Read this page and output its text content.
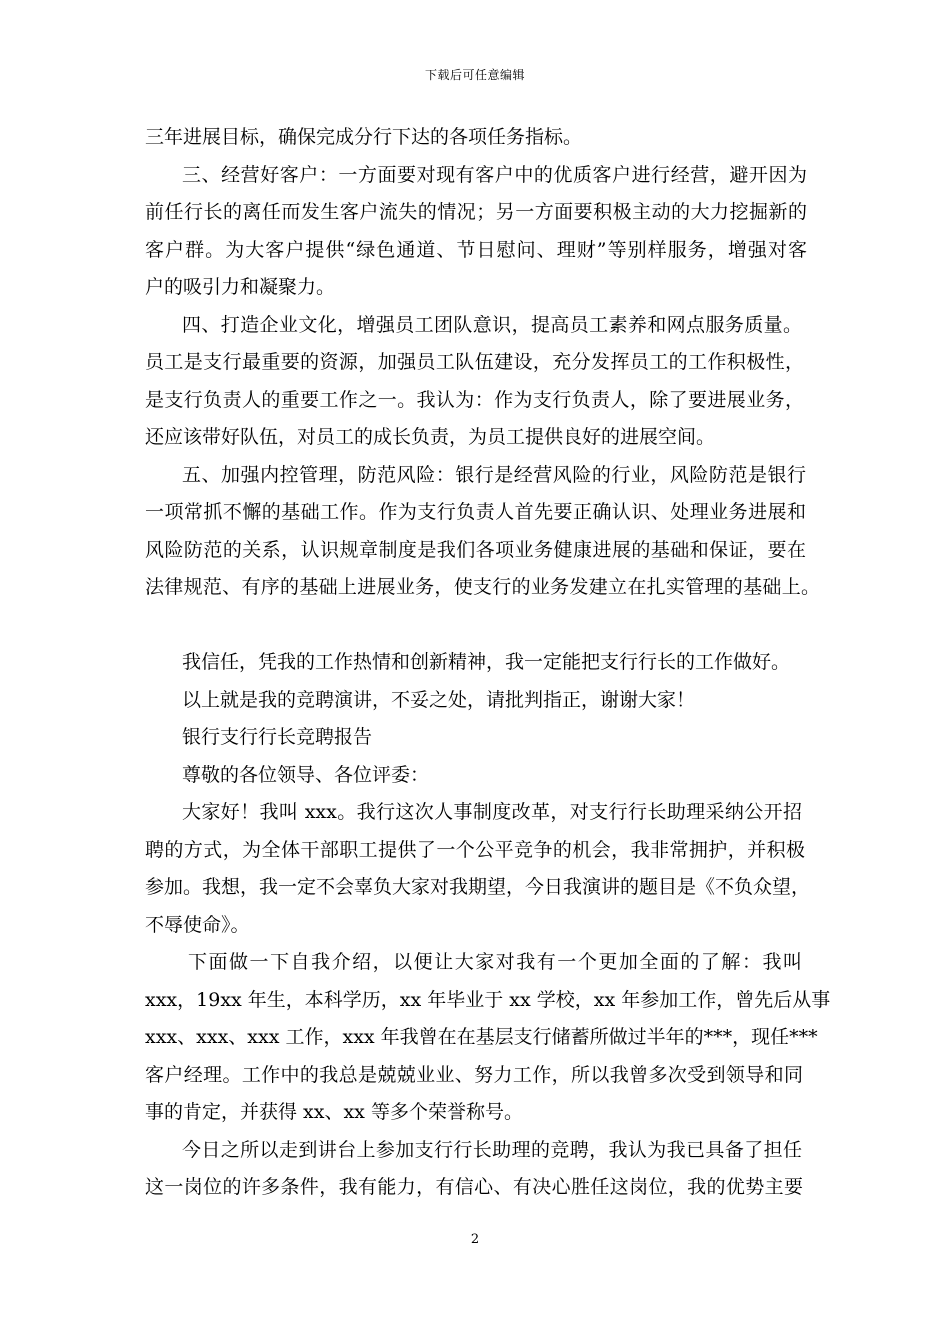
下载后可任意编辑
三年进展目标，确保完成分行下达的各项任务指标。
三、经营好客户：一方面要对现有客户中的优质客户进行经营，避开因为
前任行长的离任而发生客户流失的情况；另一方面要积极主动的大力挖掘新的
客户群。为大客户提供“绿色通道、节日慰问、理财”等别样服务，增强对客
户的吸引力和凝聚力。
四、打造企业文化，增强员工团队意识，提高员工素养和网点服务质量。
员工是支行最重要的资源，加强员工队伍建设，充分发挥员工的工作积极性，
是支行负责人的重要工作之一。我认为：作为支行负责人，除了要进展业务，
还应该带好队伍，对员工的成长负责，为员工提供良好的进展空间。
五、加强内控管理，防范风险：银行是经营风险的行业，风险防范是银行
一项常抓不懈的基础工作。作为支行负责人首先要正确认识、处理业务进展和
风险防范的关系，认识规章制度是我们各项业务健康进展的基础和保证，要在
法律规范、有序的基础上进展业务，使支行的业务发建立在扎实管理的基础上。
我信任，凭我的工作热情和创新精神，我一定能把支行行长的工作做好。
以上就是我的竞聘演讲，不妥之处，请批判指正，谢谢大家！
银行支行行长竞聘报告
尊敬的各位领导、各位评委：
大家好！我叫 xxx。我行这次人事制度改革，对支行行长助理采纳公开招
聘的方式，为全体干部职工提供了一个公平竞争的机会，我非常拥护，并积极
参加。我想，我一定不会辜负大家对我期望，今日我演讲的题目是《不负众望，
不辱使命》。
下面做一下自我介绍，以便让大家对我有一个更加全面的了解：我叫
xxx，19xx 年生，本科学历，xx 年毕业于 xx 学校，xx 年参加工作，曾先后从事
xxx、xxx、xxx 工作，xxx 年我曾在在基层支行储蓄所做过半年的***，现任***
客户经理。工作中的我总是兢兢业业、努力工作，所以我曾多次受到领导和同
事的肯定，并获得 xx、xx 等多个荣誉称号。
今日之所以走到讲台上参加支行行长助理的竞聘，我认为我已具备了担任
这一岗位的许多条件，我有能力，有信心、有决心胜任这岗位，我的优势主要
2
